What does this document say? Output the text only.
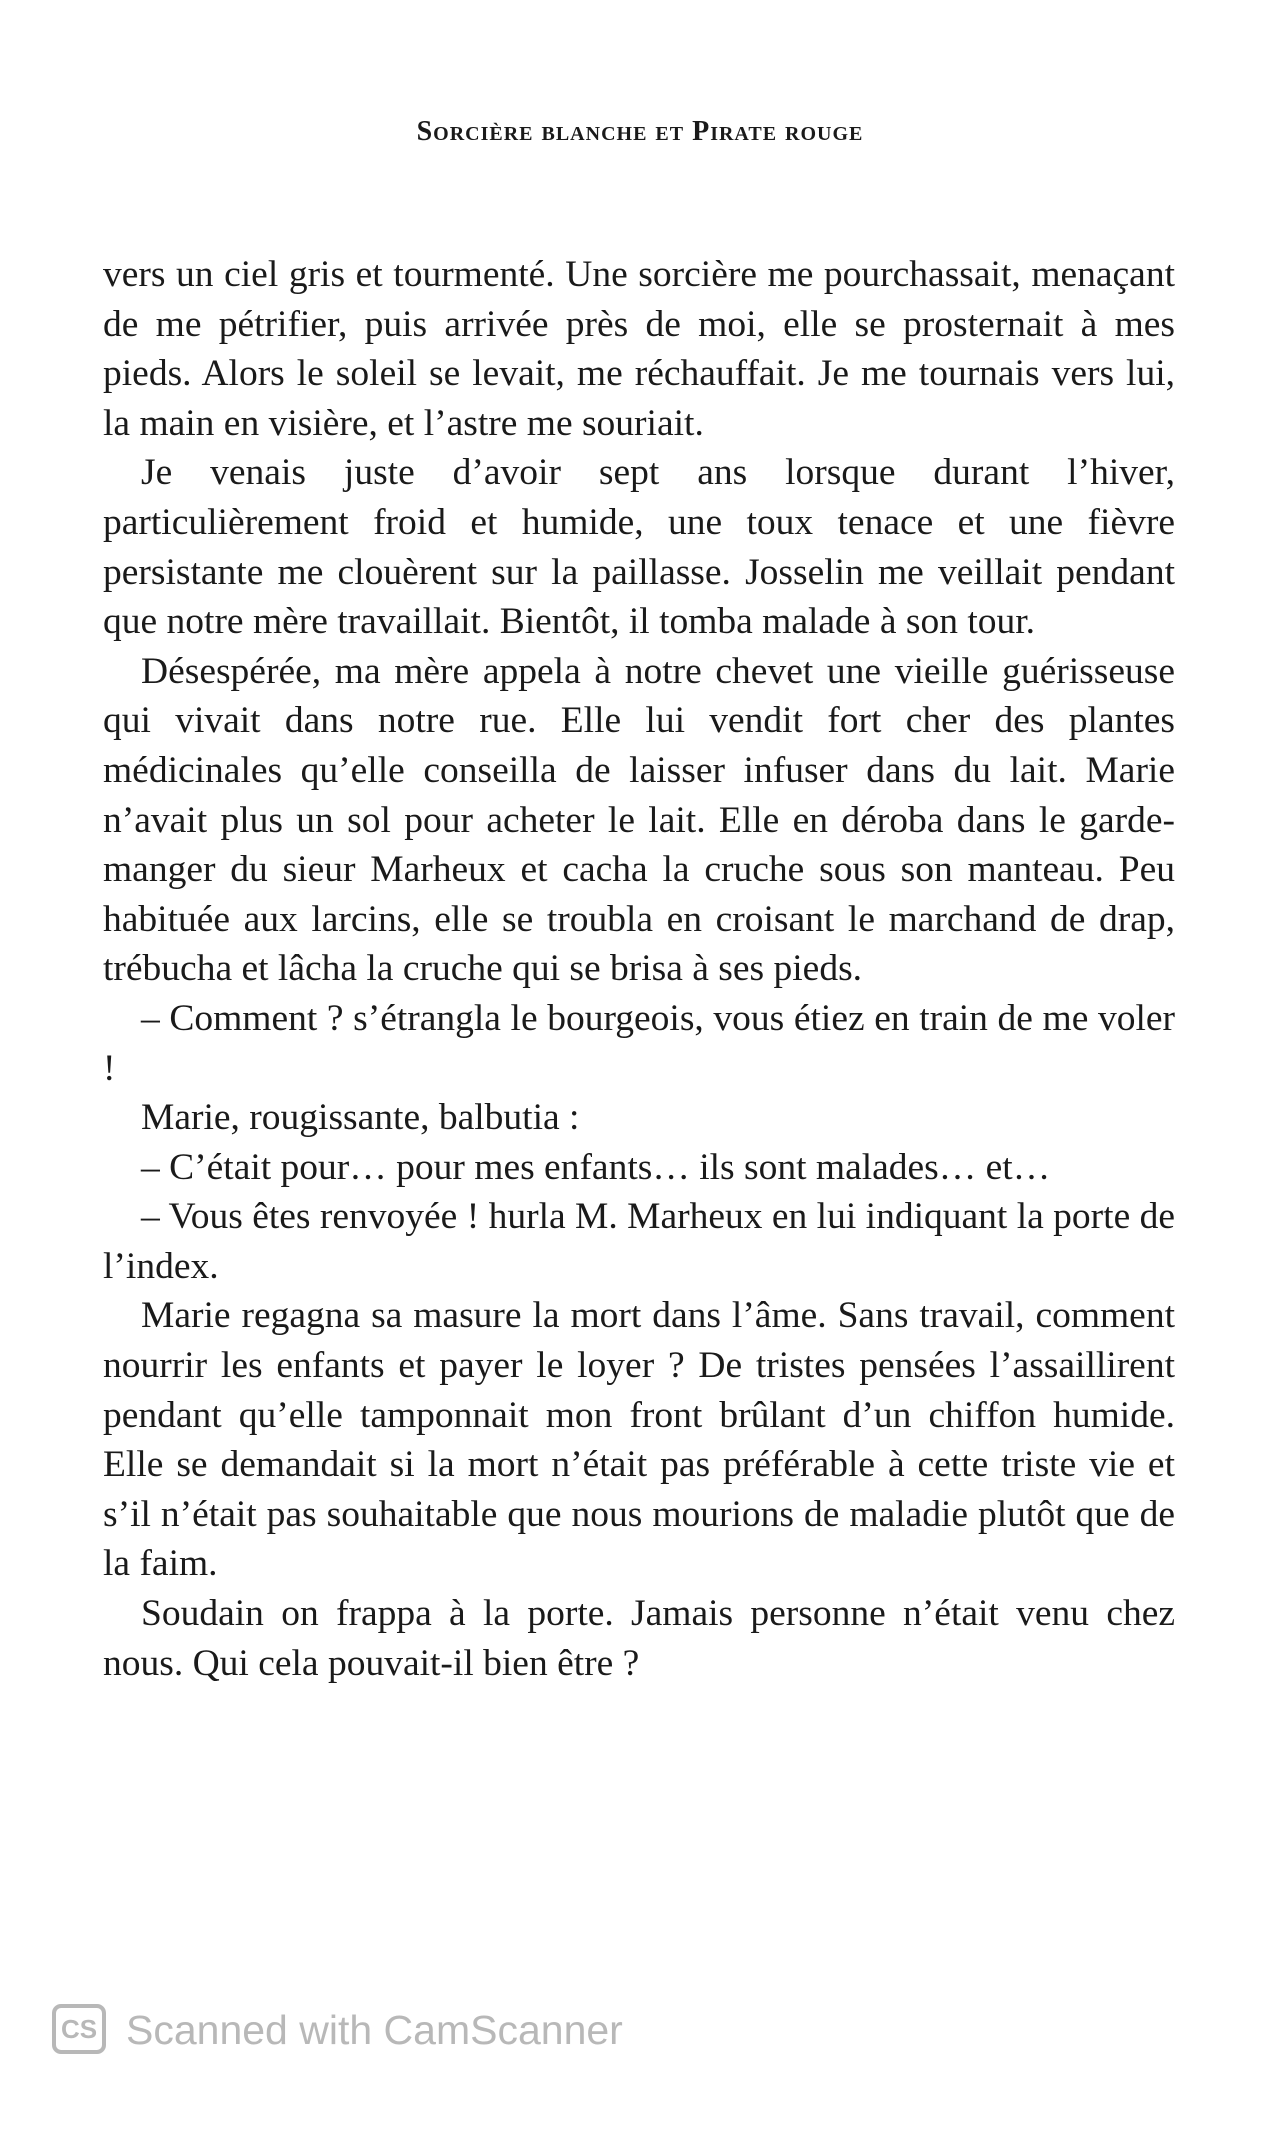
Sorcière blanche et Pirate rouge

vers un ciel gris et tourmenté. Une sorcière me pourchassait, menaçant de me pétrifier, puis arrivée près de moi, elle se prosternait à mes pieds. Alors le soleil se levait, me réchauffait. Je me tournais vers lui, la main en visière, et l’astre me souriait.

Je venais juste d’avoir sept ans lorsque durant l’hiver, particulièrement froid et humide, une toux tenace et une fièvre persistante me clouèrent sur la paillasse. Josselin me veillait pendant que notre mère travaillait. Bientôt, il tomba malade à son tour.

Désespérée, ma mère appela à notre chevet une vieille guérisseuse qui vivait dans notre rue. Elle lui vendit fort cher des plantes médicinales qu’elle conseilla de laisser infuser dans du lait. Marie n’avait plus un sol pour acheter le lait. Elle en déroba dans le garde-manger du sieur Marheux et cacha la cruche sous son manteau. Peu habituée aux larcins, elle se troubla en croisant le marchand de drap, trébucha et lâcha la cruche qui se brisa à ses pieds.

– Comment ? s’étrangla le bourgeois, vous étiez en train de me voler !

Marie, rougissante, balbutia :

– C’était pour… pour mes enfants… ils sont malades… et…

– Vous êtes renvoyée ! hurla M. Marheux en lui indiquant la porte de l’index.

Marie regagna sa masure la mort dans l’âme. Sans travail, comment nourrir les enfants et payer le loyer ? De tristes pensées l’assaillirent pendant qu’elle tamponnait mon front brûlant d’un chiffon humide. Elle se demandait si la mort n’était pas préférable à cette triste vie et s’il n’était pas souhaitable que nous mourions de maladie plutôt que de la faim.

Soudain on frappa à la porte. Jamais personne n’était venu chez nous. Qui cela pouvait-il bien être ?

CS Scanned with CamScanner
